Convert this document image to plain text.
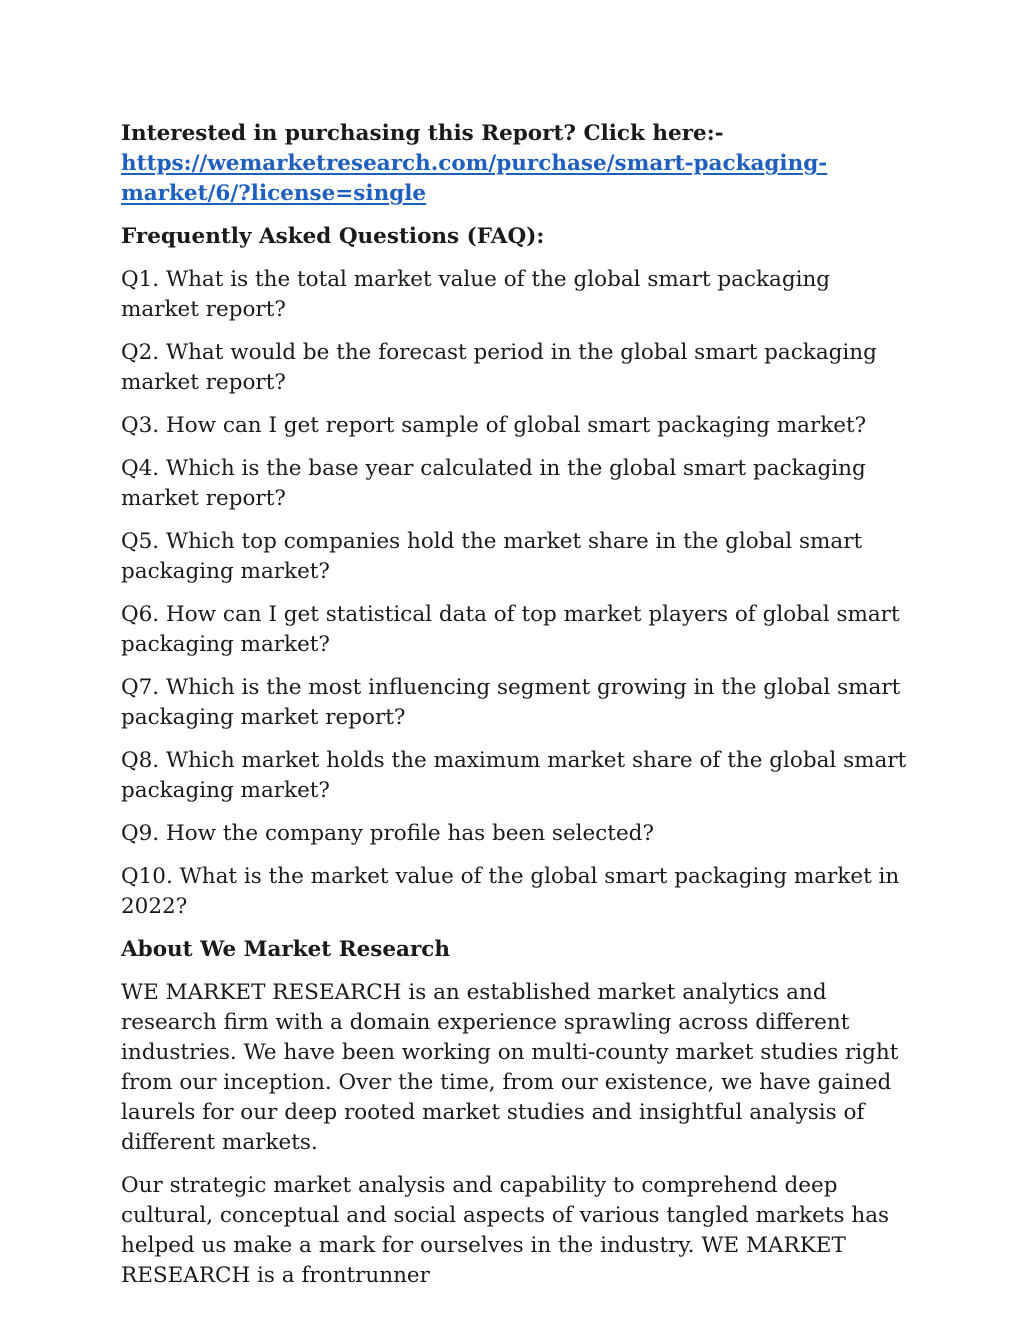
Interested in purchasing this Report? Click here:-

https://wemarketresearch.com/purchase/smart-packaging-
market/6/?license=single

Frequently Asked Questions (FAQ):

Q1. What is the total market value of the global smart packaging market report?

Q2. What would be the forecast period in the global smart packaging market report?

Q3. How can I get report sample of global smart packaging market?

Q4. Which is the base year calculated in the global smart packaging market report?

Q5. Which top companies hold the market share in the global smart packaging market?

Q6. How can I get statistical data of top market players of global smart packaging market?

Q7. Which is the most influencing segment growing in the global smart packaging market report?

Q8. Which market holds the maximum market share of the global smart packaging market?

Q9. How the company profile has been selected?

Q10. What is the market value of the global smart packaging market in 2022?

About We Market Research

WE MARKET RESEARCH is an established market analytics and research firm with a domain experience sprawling across different industries. We have been working on multi-county market studies right from our inception. Over the time, from our existence, we have gained laurels for our deep rooted market studies and insightful analysis of different markets.

Our strategic market analysis and capability to comprehend deep cultural, conceptual and social aspects of various tangled markets has helped us make a mark for ourselves in the industry. WE MARKET RESEARCH is a frontrunner
